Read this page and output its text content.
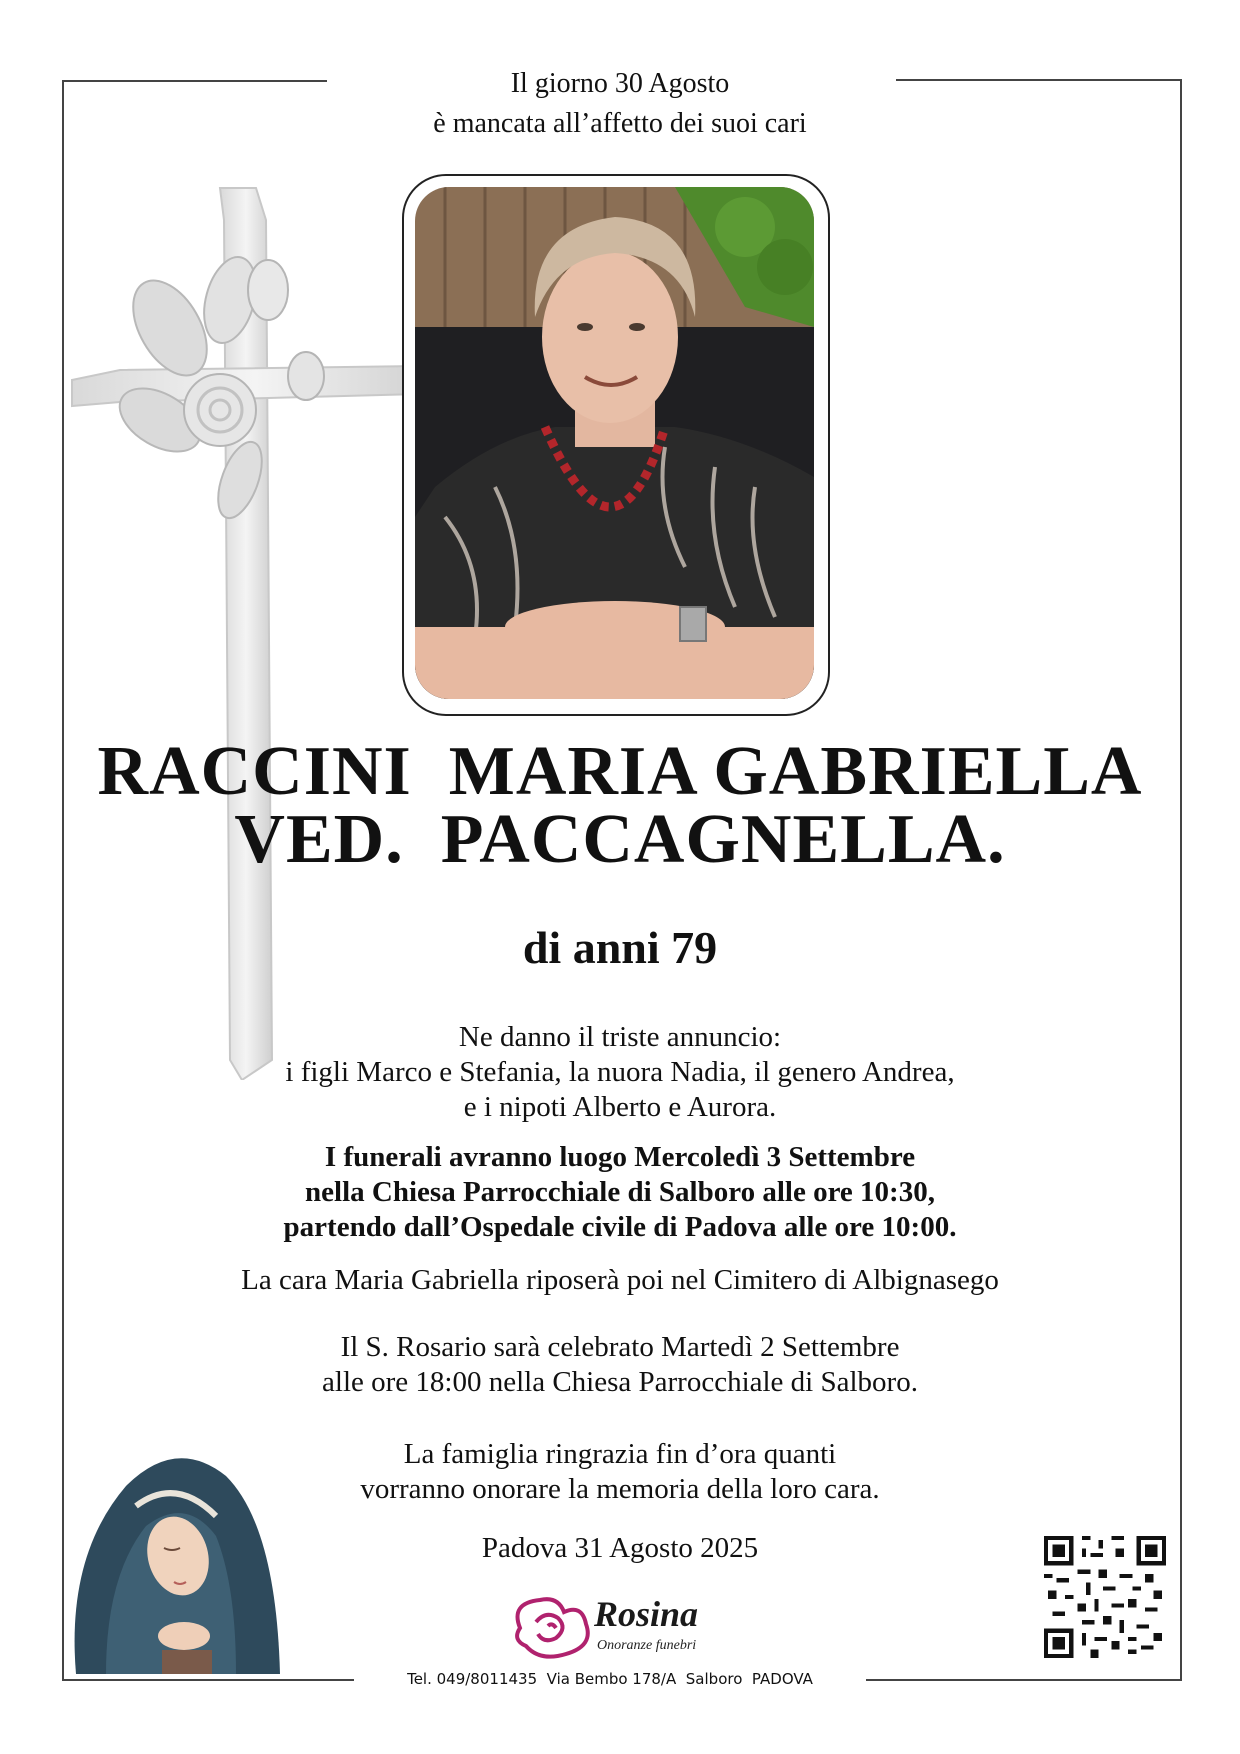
Il giorno 30 Agosto
è mancata all’affetto dei suoi cari
RACCINI  MARIA GABRIELLA
VED.  PACCAGNELLA.
di anni 79
Ne danno il triste annuncio:
i figli Marco e Stefania, la nuora Nadia, il genero Andrea,
e i nipoti Alberto e Aurora.
I funerali avranno luogo Mercoledì 3 Settembre
nella Chiesa Parrocchiale di Salboro alle ore 10:30,
partendo dall’Ospedale civile di Padova alle ore 10:00.
La cara Maria Gabriella riposerà poi nel Cimitero di Albignasego
Il S. Rosario sarà celebrato Martedì 2 Settembre
alle ore 18:00 nella Chiesa Parrocchiale di Salboro.
La famiglia ringrazia fin d’ora quanti
vorranno onorare la memoria della loro cara.
Padova 31 Agosto 2025
Rosina
Onoranze funebri
Tel. 049/8011435  Via Bembo 178/A  Salboro  PADOVA
